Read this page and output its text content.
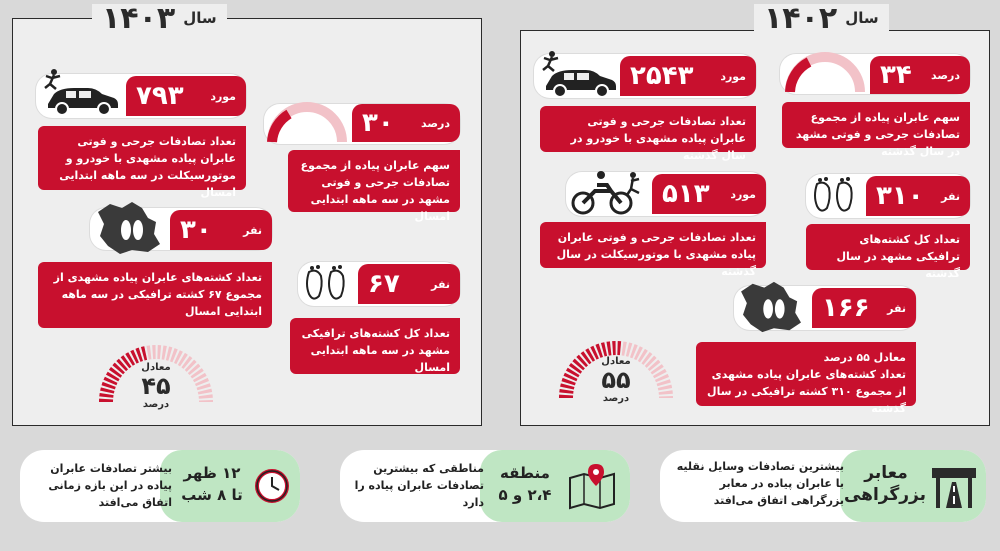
۱۴۰۳ سال
۷۹۳ مورد
تعداد تصادفات جرحی و فوتی عابران پیاده مشهدی با خودرو و موتورسیکلت در سه ماهه ابتدایی امسال
۳۰ درصد
سهم عابران پیاده از مجموع تصادفات جرحی و فوتی مشهد در سه ماهه ابتدایی امسال
۳۰	نفر
تعداد کشته‌های عابران پیاده مشهدی از مجموع ۶۷ کشته ترافیکی در سه ماهه ابتدایی امسال
۶۷	نفر
تعداد کل کشته‌های ترافیکی مشهد در سه ماهه ابتدایی امسال
معادل
۴۵
درصد
۱۴۰۲ سال
۲۵۴۳ مورد
تعداد تصادفات جرحی و فوتی عابران پیاده مشهدی با خودرو در سال گذشته
۳۴ درصد
سهم عابران پیاده از مجموع تصادفات جرحی و فوتی مشهد در سال گذشته
۵۱۳ مورد
تعداد تصادفات جرحی و فوتی عابران پیاده مشهدی با موتورسیکلت در سال گذشته
۳۱۰ نفر
تعداد کل کشته‌های ترافیکی مشهد در سال گذشته
۱۶۶ نفر
معادل ۵۵ درصد
تعداد کشته‌های عابران پیاده مشهدی از مجموع ۳۱۰ کشته ترافیکی در سال گذشته
معادل
۵۵
درصد
بیشتر تصادفات عابران پیاده در این بازه زمانی اتفاق می‌افتد
۱۲ ظهر
تا ۸ شب
مناطقی که بیشترین تصادفات عابران پیاده را دارد
منطقه
۲،۴ و ۵
بیشترین تصادفات وسایل نقلیه با عابران پیاده در معابر بزرگراهی اتفاق می‌افتد
معابر
بزرگراهی
